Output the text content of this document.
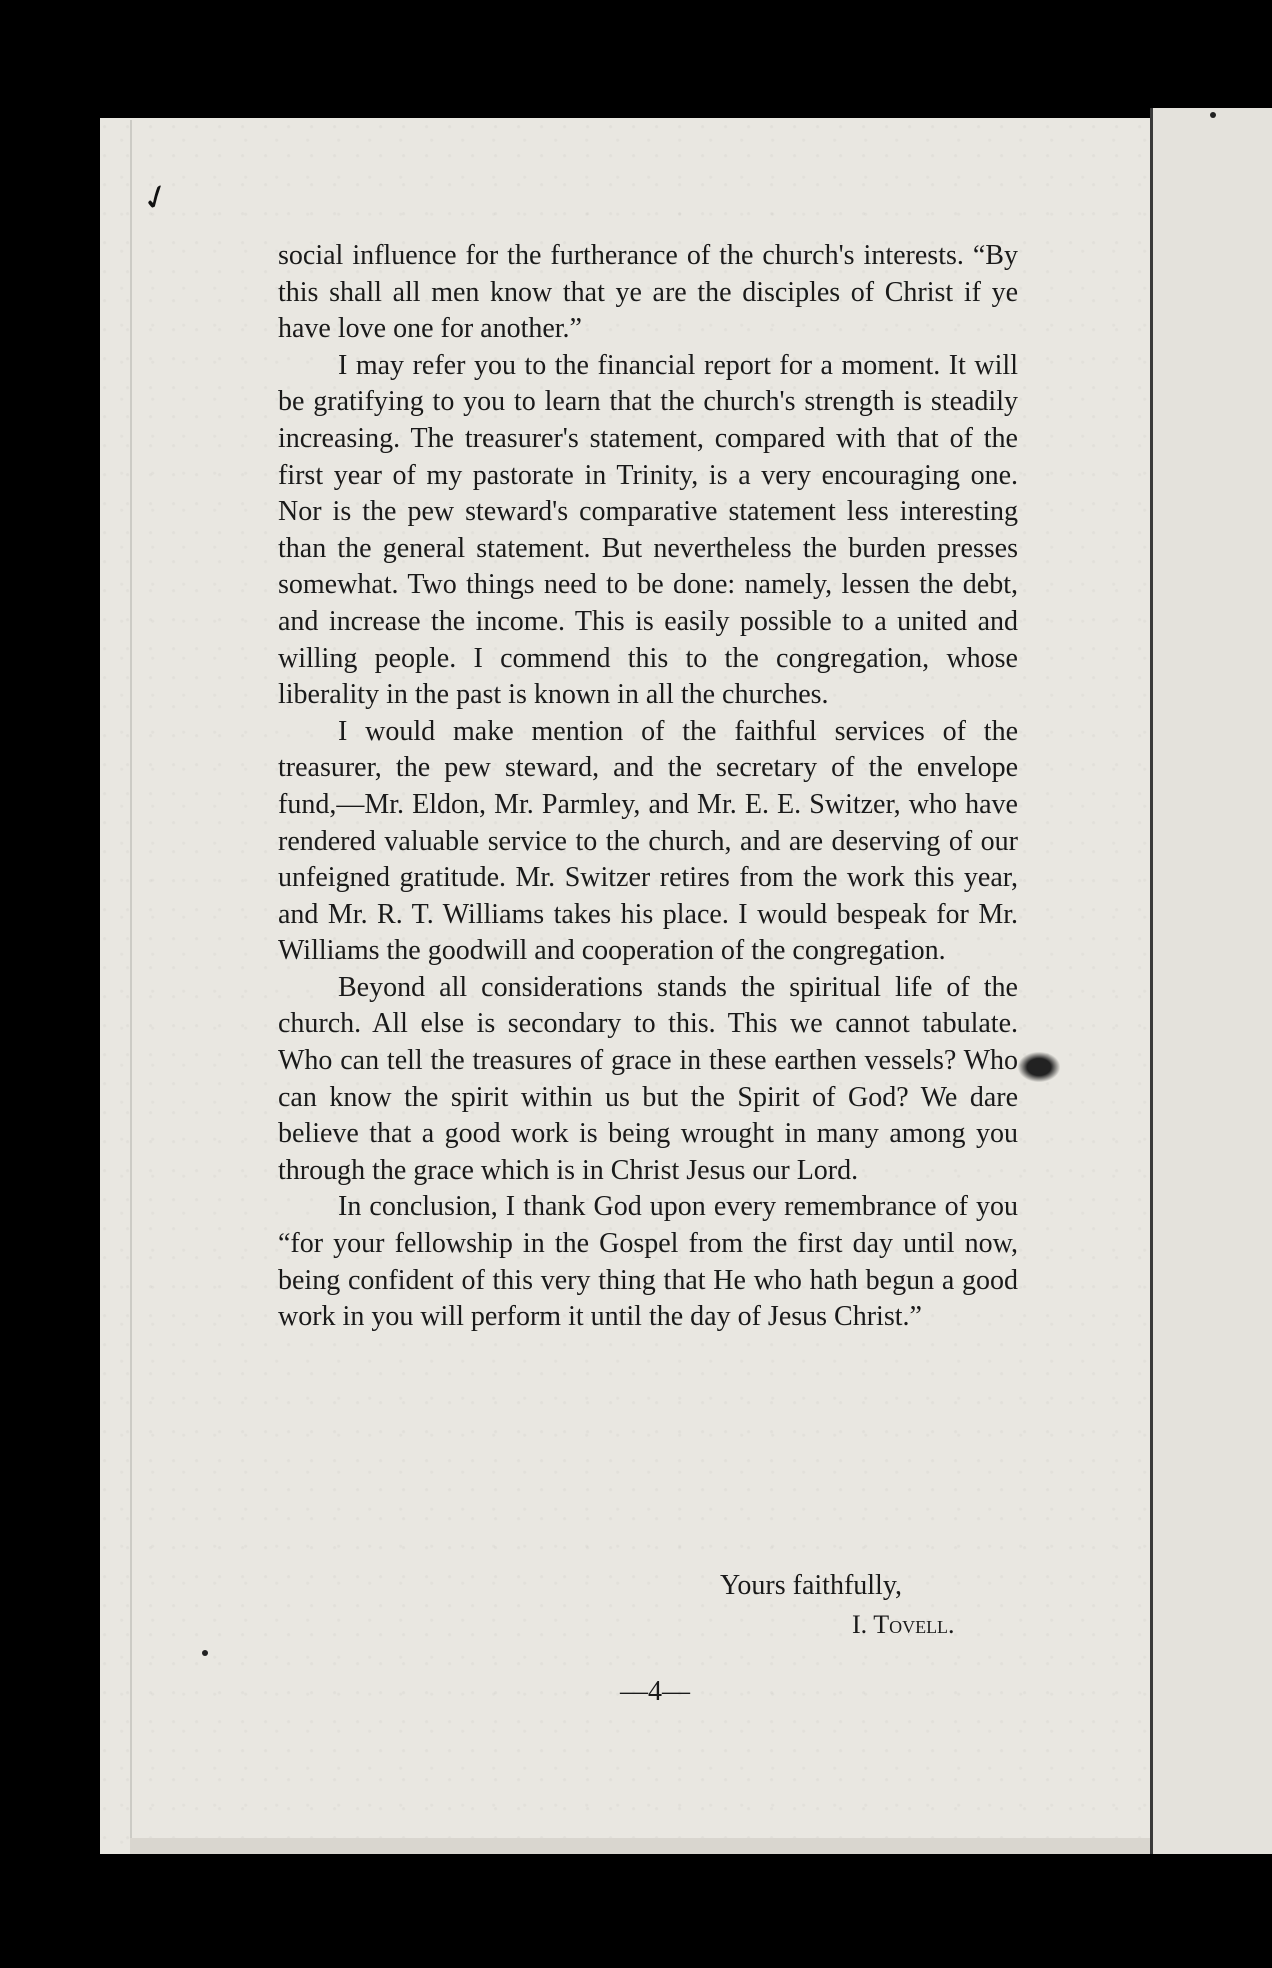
✓

social influence for the furtherance of the church's interests. “By this shall all men know that ye are the disciples of Christ if ye have love one for another.”

I may refer you to the financial report for a moment. It will be gratifying to you to learn that the church's strength is steadily increasing. The treasurer's statement, compared with that of the first year of my pastorate in Trinity, is a very encouraging one. Nor is the pew steward's comparative statement less interesting than the general statement. But nevertheless the burden presses somewhat. Two things need to be done: namely, lessen the debt, and increase the income. This is easily possible to a united and willing people. I commend this to the congregation, whose liberality in the past is known in all the churches.

I would make mention of the faithful services of the treasurer, the pew steward, and the secretary of the envelope fund,—Mr. Eldon, Mr. Parmley, and Mr. E. E. Switzer, who have rendered valuable service to the church, and are deserving of our unfeigned gratitude. Mr. Switzer retires from the work this year, and Mr. R. T. Williams takes his place. I would bespeak for Mr. Williams the goodwill and cooperation of the congregation.

Beyond all considerations stands the spiritual life of the church. All else is secondary to this. This we cannot tabulate. Who can tell the treasures of grace in these earthen vessels? Who can know the spirit within us but the Spirit of God? We dare believe that a good work is being wrought in many among you through the grace which is in Christ Jesus our Lord.

In conclusion, I thank God upon every remembrance of you “for your fellowship in the Gospel from the first day until now, being confident of this very thing that He who hath begun a good work in you will perform it until the day of Jesus Christ.”

Yours faithfully,
I. Tovell.
—4—
